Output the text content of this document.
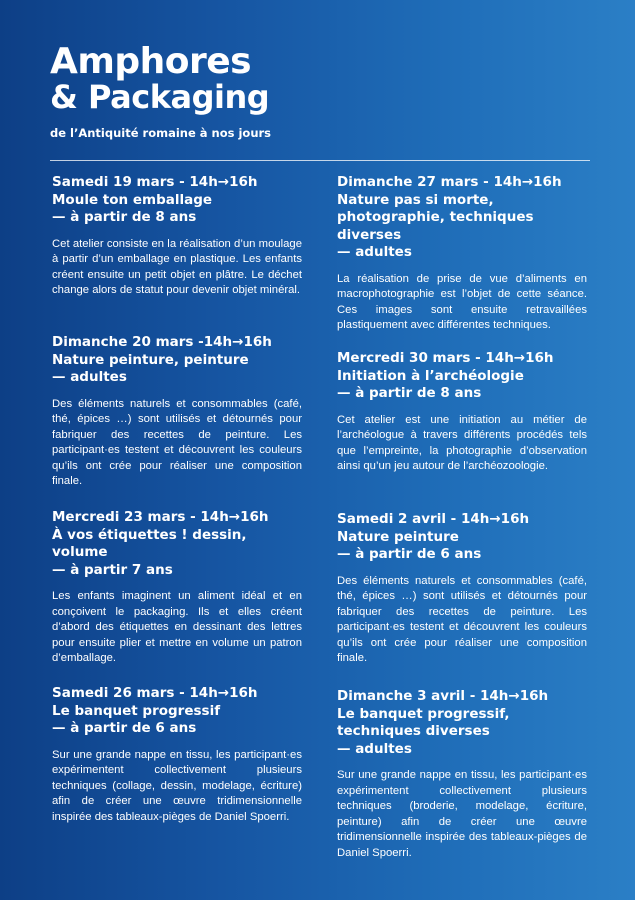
Amphores
& Packaging
de l’Antiquité romaine à nos jours
Samedi 19 mars - 14h→16h
Moule ton emballage
— à partir de 8 ans
Cet atelier consiste en la réalisation d’un moulage à partir d’un emballage en plastique. Les enfants créent ensuite un petit objet en plâtre. Le déchet change alors de statut pour devenir objet minéral.
Dimanche 20 mars -14h→16h
Nature peinture, peinture
— adultes
Des éléments naturels et consommables (café, thé, épices …) sont utilisés et détournés pour fabriquer des recettes de peinture. Les participant·es testent et découvrent les couleurs qu’ils ont crée pour réaliser une composition finale.
Mercredi 23 mars - 14h→16h
À vos étiquettes ! dessin, volume
— à partir 7 ans
Les enfants imaginent un aliment idéal et en conçoivent le packaging. Ils et elles créent d’abord des étiquettes en dessinant des lettres pour ensuite plier et mettre en volume un patron d’emballage.
Samedi 26 mars - 14h→16h
Le banquet progressif
— à partir de 6 ans
Sur une grande nappe en tissu, les participant·es expérimentent collectivement plusieurs techniques (collage, dessin, modelage, écriture) afin de créer une œuvre tridimensionnelle inspirée des tableaux-pièges de Daniel Spoerri.
Dimanche 27 mars - 14h→16h
Nature pas si morte, photographie, techniques diverses
— adultes
La réalisation de prise de vue d’aliments en macrophotographie est l’objet de cette séance. Ces images sont ensuite retravaillées plastiquement avec différentes techniques.
Mercredi 30 mars - 14h→16h
Initiation à l’archéologie
— à partir de 8 ans
Cet atelier est une initiation au métier de l’archéologue à travers différents procédés tels que l’empreinte, la photographie d’observation ainsi qu’un jeu autour de l’archéozoologie.
Samedi 2 avril - 14h→16h
Nature peinture
— à partir de 6 ans
Des éléments naturels et consommables (café, thé, épices …) sont utilisés et détournés pour fabriquer des recettes de peinture. Les participant·es testent et découvrent les couleurs qu’ils ont crée pour réaliser une composition finale.
Dimanche 3 avril - 14h→16h
Le banquet progressif, techniques diverses
— adultes
Sur une grande nappe en tissu, les participant·es expérimentent collectivement plusieurs techniques (broderie, modelage, écriture, peinture) afin de créer une œuvre tridimensionnelle inspirée des tableaux-pièges de Daniel Spoerri.
